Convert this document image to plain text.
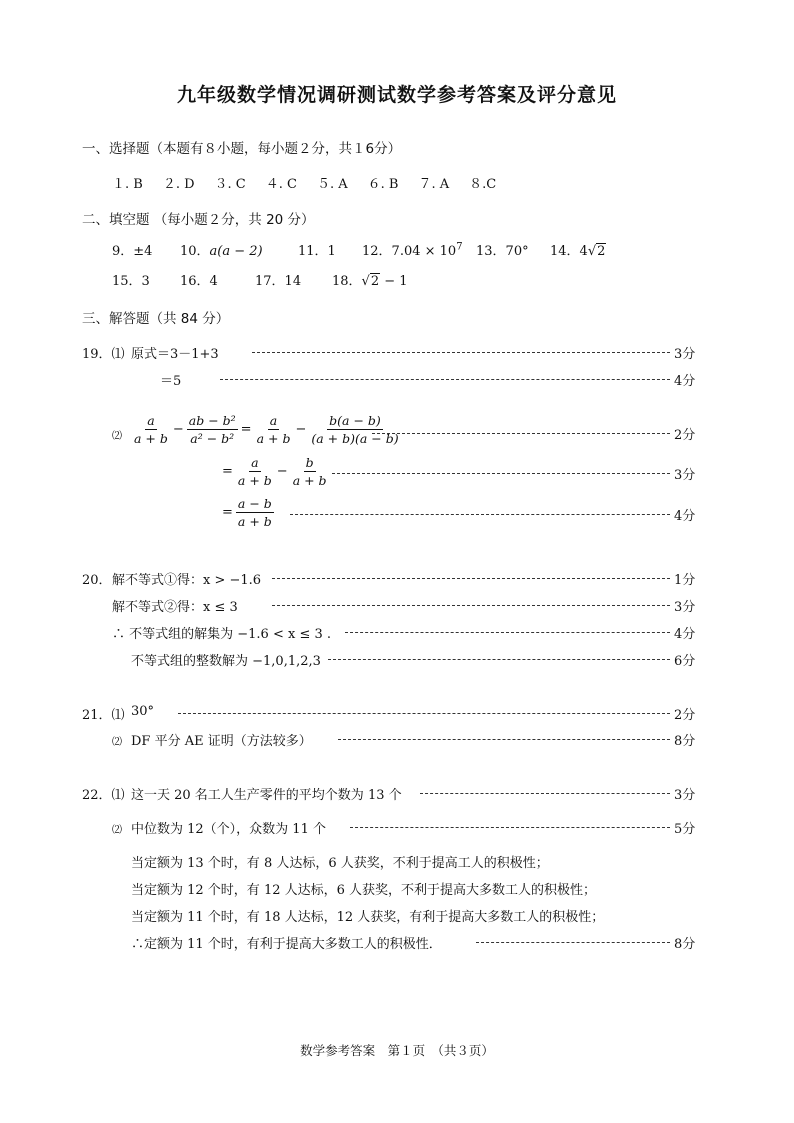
九年级数学情况调研测试数学参考答案及评分意见
一、选择题（本题有８小题，每小题２分，共１6分）
１. B ２. D ３. C ４. C ５. A ６. B ７. A ８.C
二、填空题 （每小题２分，共 20 分）
9．±4 10．a(a − 2)	11．1 12．$7.04 \times 10^7$ 13．70° 14．4√2
15．3 16．4	17．14 18．√2 − 1
三、解答题（共 84 分）
19．⑴ 原式＝3－1+3	3分
＝5	4分
⑵ $\frac{a}{a + b} - \frac{\text{ab − b²}}{\text{a² − b²}} = \frac{a}{a + b} - \frac{b(a - b)}{(a + b)(a - b)}$	2分
= $\frac{a}{a + b} - \frac{b}{a + b}$	3分
= $\frac{a - b}{a + b}$	4分
20． 解不等式①得：x > −1.6	1分
解不等式②得：x ≤ 3	3分
∴ 不等式组的解集为 −1.6 < x ≤ 3 .	4分
不等式组的整数解为 −1,0,1,2,3	6分
21．⑴ 30°	2分
⑵ DF 平分 AE 证明（方法较多）	8分
22．⑴ 这一天 20 名工人生产零件的平均个数为 13 个	3分
⑵ 中位数为 12（个），众数为 11 个	5分
当定额为 13 个时，有 8 人达标，6 人获奖，不利于提高工人的积极性；
当定额为 12 个时，有 12 人达标，6 人获奖，不利于提高大多数工人的积极性；
当定额为 11 个时，有 18 人达标，12 人获奖，有利于提高大多数工人的积极性；
∴定额为 11 个时，有利于提高大多数工人的积极性．	8分
数学参考答案　第１页　（共３页）
